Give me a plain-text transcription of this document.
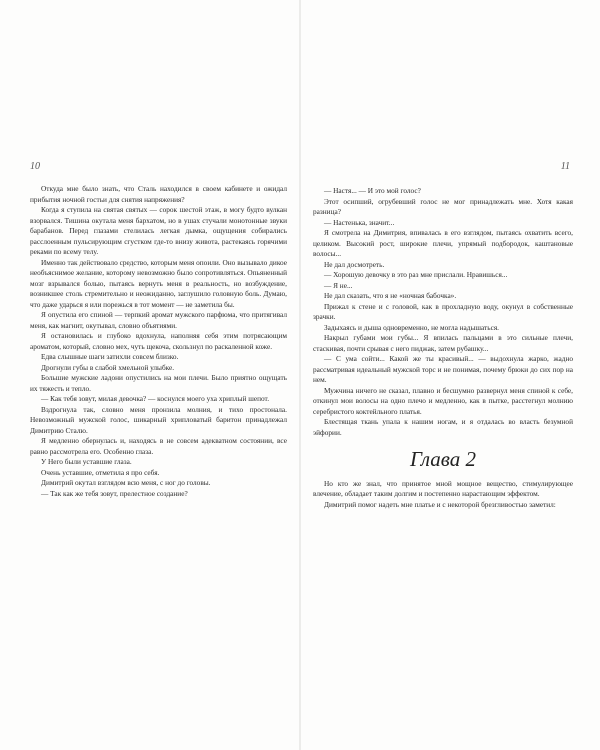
10

Откуда мне было знать, что Сталь находился в своем кабинете и ожидал прибытия ночной гостьи для снятия напряжения?

Когда я ступила на святая святых — сорок шестой этаж, в могу будто вулкан взорвался. Тишина окутала меня бархатом, но в ушах стучали монотонные звуки барабанов. Перед глазами стелилась легкая дымка, ощущения собирались расслоенным пульсирующим сгустком где-то внизу живота, растекаясь горячими реками по всему телу.

Именно так действовало средство, которым меня опоили. Оно вызывало дикое необъяснимое желание, которому невозможно было сопротивляться. Опьяненный мозг взрывался болью, пытаясь вернуть меня в реальность, но возбуждение, возникшее столь стремительно и неожиданно, заглушило головную боль. Думаю, что даже ударься я или порежься в тот момент — не заметила бы.

Я опустила его спиной — терпкий аромат мужского парфюма, что притягивал меня, как магнит, окутывал, словно объятиями.

Я остановилась и глубоко вдохнула, наполняя себя этим потрясающим ароматом, который, словно мех, чуть щекоча, скользнул по раскаленной коже.

Едва слышные шаги затихли совсем близко.

Дрогнули губы в слабой хмельной улыбке.

Большие мужские ладони опустились на мои плечи. Было приятно ощущать их тяжесть и тепло.

— Как тебя зовут, милая девочка? — коснулся моего уха хриплый шепот.

Вздрогнула так, словно меня пронзила молния, и тихо простонала. Невозможный мужской голос, шикарный хрипловатый баритон принадлежал Димитрию Сталю.

Я медленно обернулась и, находясь в не совсем адекватном состоянии, все равно рассмотрела его. Особенно глаза.

У Него были уставшие глаза.

Очень уставшие, отметила я про себя.

Димитрий окутал взглядом всю меня, с ног до головы.

— Так как же тебя зовут, прелестное создание?

11

— Настя... — И это мой голос?

Этот осипший, огрубевший голос не мог принадлежать мне. Хотя какая разница?

— Настенька, значит...

Я смотрела на Димитрия, впивалась в его взглядом, пытаясь охватить всего, целиком. Высокий рост, широкие плечи, упрямый подбородок, каштановые волосы...

Не дал досмотреть.

— Хорошую девочку в это раз мне прислали. Нравишься...

— Я не...

Не дал сказать, что я не «ночная бабочка».

Прижал к стене и с головой, как в прохладную воду, окунул в собственные зрачки.

Задыхаясь и дыша одновременно, не могла надышаться.

Накрыл губами мои губы... Я впилась пальцами в это сильные плечи, стаскивая, почти срывая с него пиджак, затем рубашку...

— С ума сойти... Какой же ты красивый... — выдохнула жарко, жадно рассматривая идеальный мужской торс и не понимая, почему брюки до сих пор на нем.

Мужчина ничего не сказал, плавно и бесшумно развернул меня спиной к себе, откинул мои волосы на одно плечо и медленно, как в пытке, расстегнул молнию серебристого коктейльного платья.

Блестящая ткань упала к нашим ногам, и я отдалась во власть безумной эйфории.

Глава 2

Но кто же знал, что принятое мной мощное вещество, стимулирующее влечение, обладает таким долгим и постепенно нарастающим эффектом.

Димитрий помог надеть мне платье и с некоторой брезгливостью заметил:
